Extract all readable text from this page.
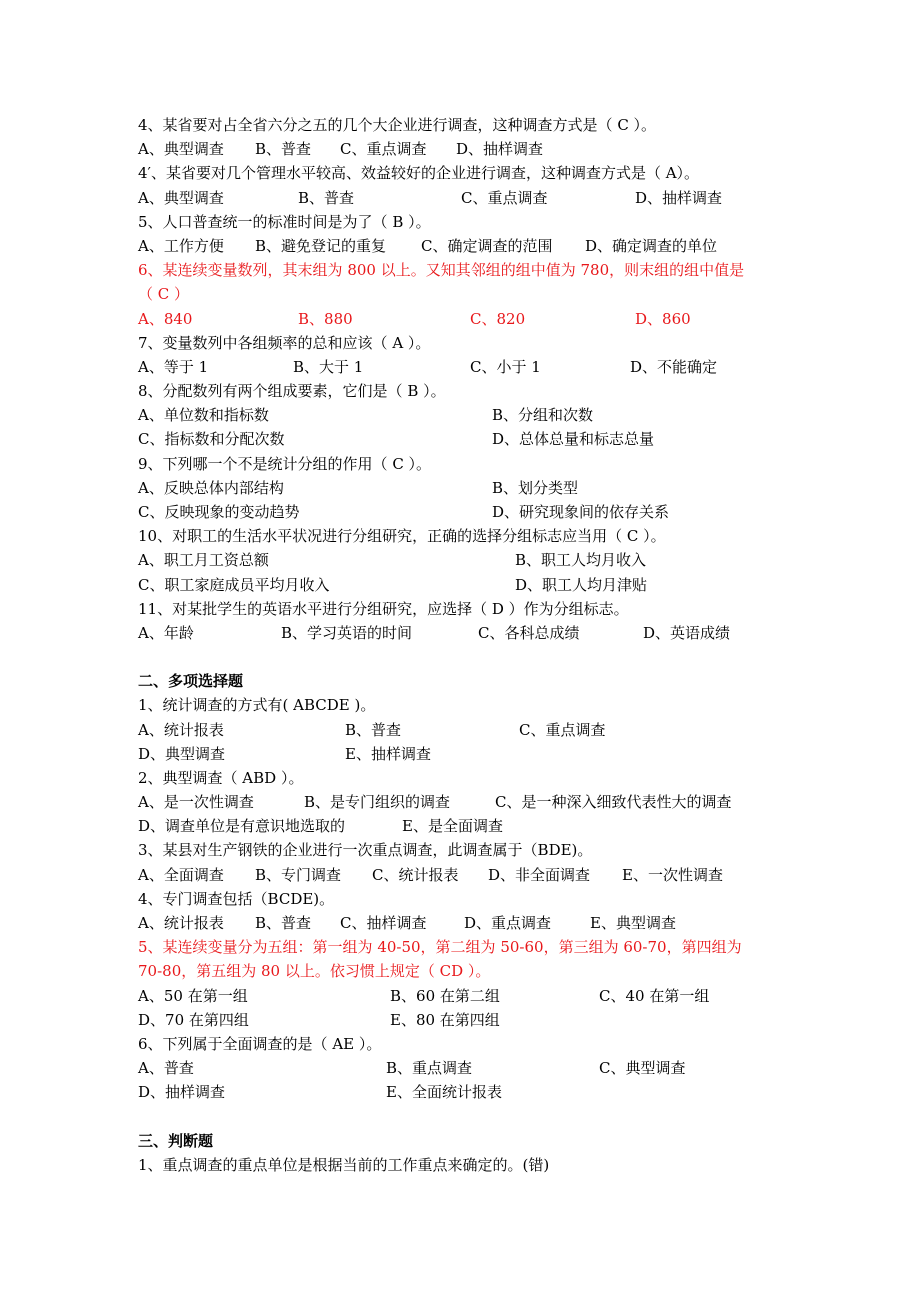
4、某省要对占全省六分之五的几个大企业进行调查，这种调查方式是（ C ）。
A、典型调查 B、普查 C、重点调查 D、抽样调查
4′、某省要对几个管理水平较高、效益较好的企业进行调查，这种调查方式是（ A）。
A、典型调查	B、普查	C、重点调查	D、抽样调查
5、人口普查统一的标准时间是为了（ B ）。
A、工作方便 B、避免登记的重复 C、确定调查的范围 D、确定调查的单位
6、某连续变量数列，其末组为 800 以上。又知其邻组的组中值为 780，则末组的组中值是
（ C ）
A、840	B、880	C、820	D、860
7、变量数列中各组频率的总和应该（ A ）。
A、等于 1	B、大于 1	C、小于 1	D、不能确定
8、分配数列有两个组成要素，它们是（ B ）。
A、单位数和指标数	B、分组和次数
C、指标数和分配次数	D、总体总量和标志总量
9、下列哪一个不是统计分组的作用（ C ）。
A、反映总体内部结构	B、划分类型
C、反映现象的变动趋势	D、研究现象间的依存关系
10、对职工的生活水平状况进行分组研究，正确的选择分组标志应当用（ C ）。
A、职工月工资总额	B、职工人均月收入
C、职工家庭成员平均月收入	D、职工人均月津贴
11、对某批学生的英语水平进行分组研究，应选择（ D ）作为分组标志。
A、年龄	B、学习英语的时间	C、各科总成绩	D、英语成绩
二、多项选择题
1、统计调查的方式有( ABCDE )。
A、统计报表	B、普查	C、重点调查
D、典型调查	E、抽样调查
2、典型调查（ ABD ）。
A、是一次性调查	B、是专门组织的调查	C、是一种深入细致代表性大的调查
D、调查单位是有意识地选取的	E、是全面调查
3、某县对生产钢铁的企业进行一次重点调查，此调查属于（BDE)。
A、全面调查 B、专门调查 C、统计报表 D、非全面调查 E、一次性调查
4、专门调查包括（BCDE)。
A、统计报表 B、普查 C、抽样调查	D、重点调查	E、典型调查
5、某连续变量分为五组：第一组为 40-50，第二组为 50-60，第三组为 60-70，第四组为
70-80，第五组为 80 以上。依习惯上规定（ CD ）。
A、50 在第一组	B、60 在第二组	C、40 在第一组
D、70 在第四组	E、80 在第四组
6、下列属于全面调查的是（ AE ）。
A、普查	B、重点调查	C、典型调查
D、抽样调查	E、全面统计报表
三、判断题
1、重点调查的重点单位是根据当前的工作重点来确定的。(错)
